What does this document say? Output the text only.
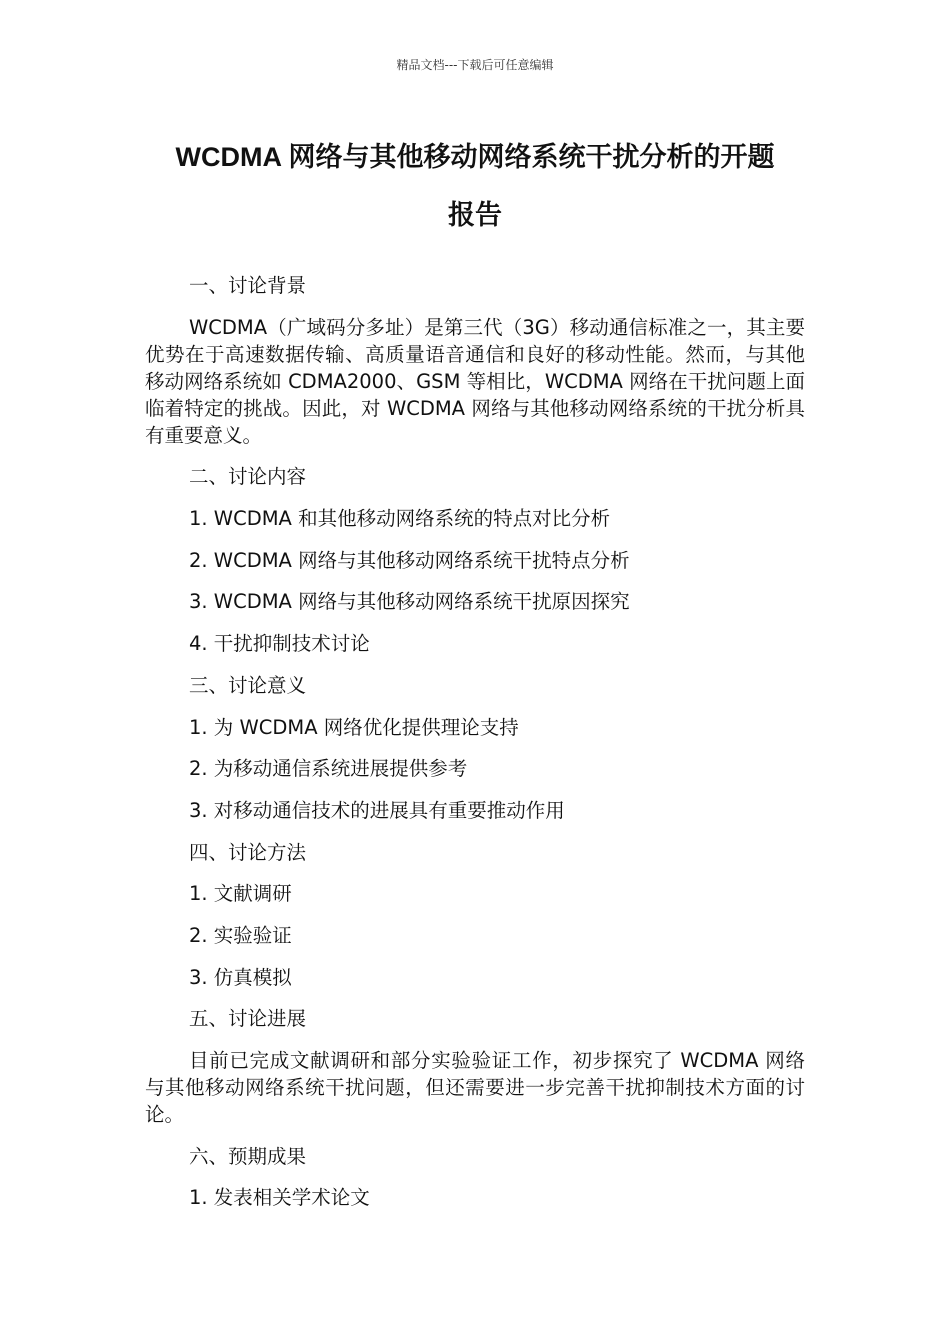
精品文档---下载后可任意编辑
WCDMA 网络与其他移动网络系统干扰分析的开题
报告

一、讨论背景

WCDMA（广域码分多址）是第三代（3G）移动通信标准之一，其主要优势在于高速数据传输、高质量语音通信和良好的移动性能。然而，与其他移动网络系统如 CDMA2000、GSM 等相比，WCDMA 网络在干扰问题上面临着特定的挑战。因此，对 WCDMA 网络与其他移动网络系统的干扰分析具有重要意义。

二、讨论内容

1. WCDMA 和其他移动网络系统的特点对比分析

2. WCDMA 网络与其他移动网络系统干扰特点分析

3. WCDMA 网络与其他移动网络系统干扰原因探究

4. 干扰抑制技术讨论

三、讨论意义

1. 为 WCDMA 网络优化提供理论支持

2. 为移动通信系统进展提供参考

3. 对移动通信技术的进展具有重要推动作用

四、讨论方法

1. 文献调研

2. 实验验证

3. 仿真模拟

五、讨论进展

目前已完成文献调研和部分实验验证工作，初步探究了 WCDMA 网络与其他移动网络系统干扰问题，但还需要进一步完善干扰抑制技术方面的讨论。

六、预期成果

1. 发表相关学术论文
